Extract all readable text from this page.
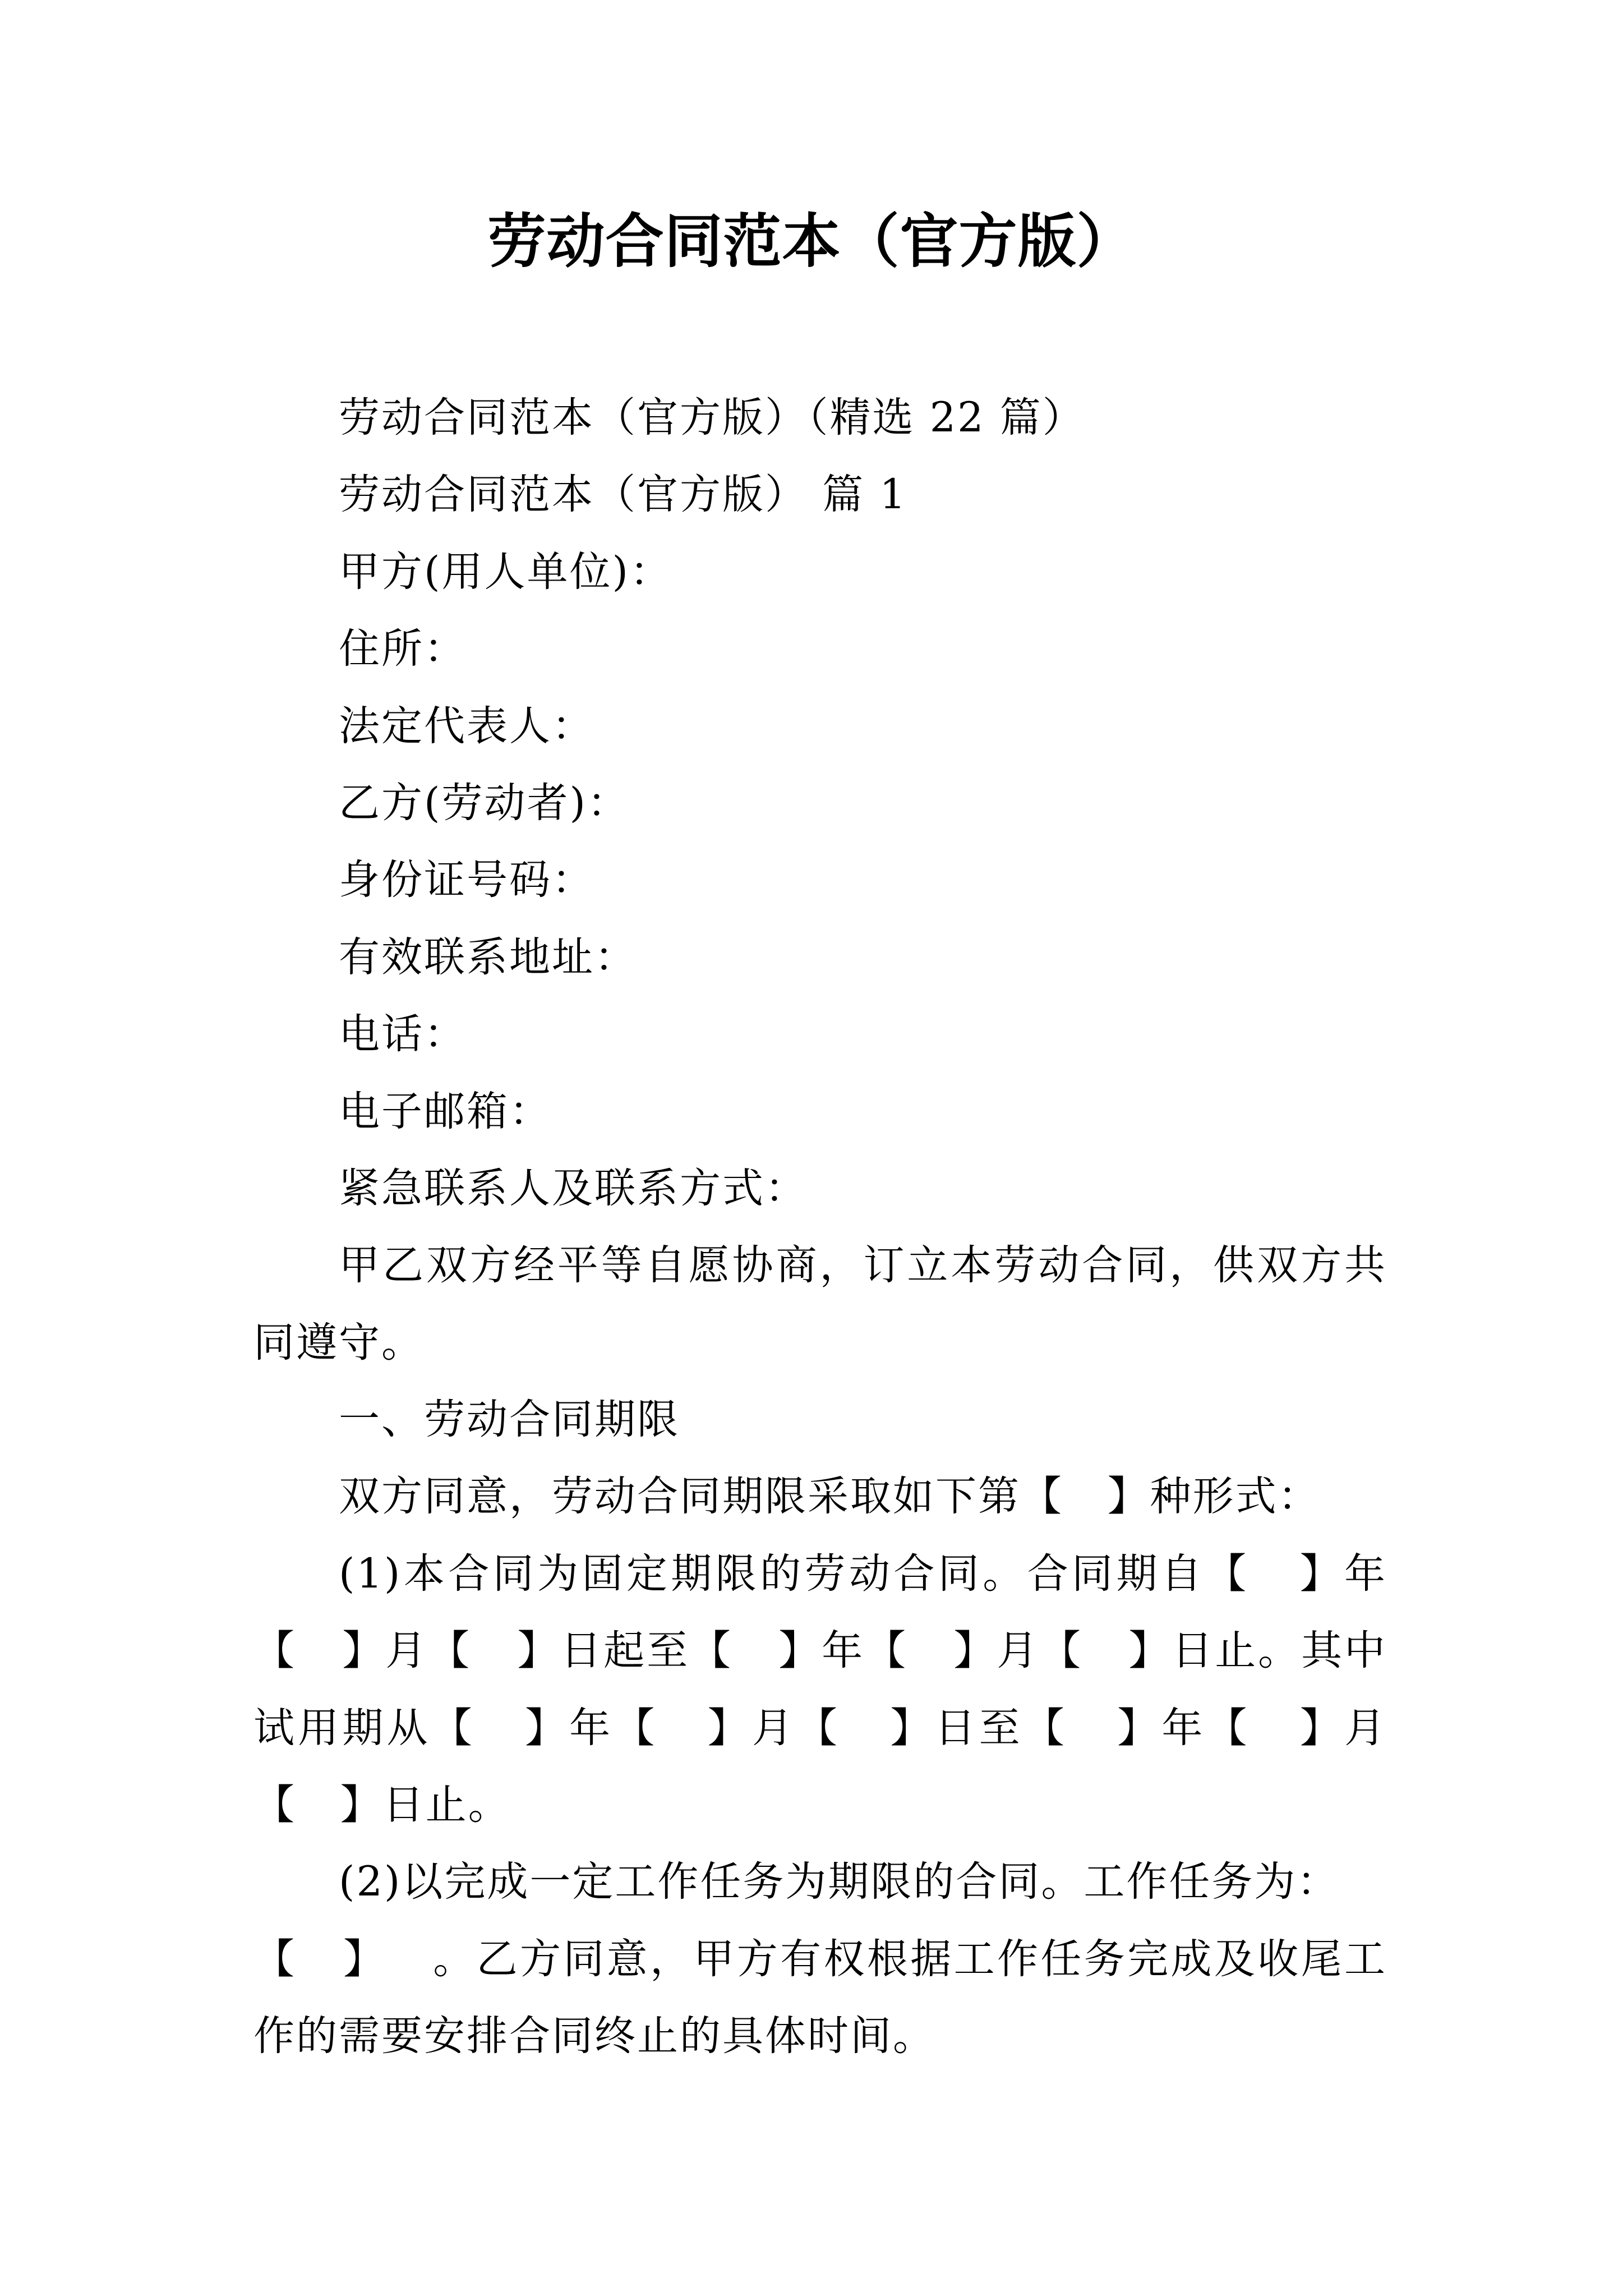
劳动合同范本（官方版）
劳动合同范本（官方版）（精选 22 篇）
劳动合同范本（官方版） 篇 1
甲方(用人单位)：
住所：
法定代表人：
乙方(劳动者)：
身份证号码：
有效联系地址：
电话：
电子邮箱：
紧急联系人及联系方式：
甲乙双方经平等自愿协商，订立本劳动合同，供双方共
同遵守。
一、劳动合同期限
双方同意，劳动合同期限采取如下第【   】种形式：
(1)本合同为固定期限的劳动合同。合同期自【   】年
【   】月【   】日起至【   】年【   】月【   】日止。其中
试用期从【   】年【   】月【   】日至【   】年【   】月
【   】日止。
(2)以完成一定工作任务为期限的合同。工作任务为：
【   】   。乙方同意，甲方有权根据工作任务完成及收尾工
作的需要安排合同终止的具体时间。
